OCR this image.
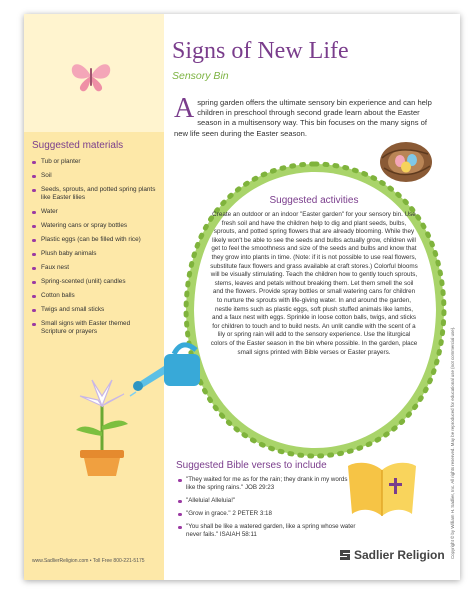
Signs of New Life
Sensory Bin
A spring garden offers the ultimate sensory bin experience and can help children in preschool through second grade learn about the Easter season in a multisensory way. This bin focuses on the many signs of new life seen during the Easter season.
Suggested materials
Tub or planter
Soil
Seeds, sprouts, and potted spring plants like Easter lilies
Water
Watering cans or spray bottles
Plastic eggs (can be filled with rice)
Plush baby animals
Faux nest
Spring-scented (unlit) candles
Cotton balls
Twigs and small sticks
Small signs with Easter themed Scripture or prayers
Suggested activities
Create an outdoor or an indoor "Easter garden" for your sensory bin. Use fresh soil and have the children help to dig and plant seeds, bulbs, sprouts, and potted spring flowers that are already blooming. While they likely won't be able to see the seeds and bulbs actually grow, children will get to feel the smoothness and size of the seeds and bulbs and know that they grow into plants in time. (Note: if it is not possible to use real flowers, substitute faux flowers and grass available at craft stores.) Colorful blooms will be visually stimulating. Teach the children how to gently touch sprouts, stems, leaves and petals without breaking them. Let them smell the soil and the flowers. Provide spray bottles or small watering cans for children to nurture the sprouts with life-giving water. In and around the garden, nestle items such as plastic eggs, soft plush stuffed animals like lambs, and a faux nest with eggs. Sprinkle in loose cotton balls, twigs, and sticks for children to touch and to build nests. An unlit candle with the scent of a lily or spring rain will add to the sensory experience. Use the liturgical colors of the Easter season in the bin where possible. In the garden, place small signs printed with Bible verses or Easter prayers.
Suggested Bible verses to include
"They waited for me as for the rain; they drank in my words like the spring rains." JOB 29:23
"Alleluia! Alleluia!"
"Grow in grace." 2 PETER 3:18
"You shall be like a watered garden, like a spring whose water never fails." ISAIAH 58:11
www.SadlierReligion.com • Toll Free 800-221-5175	Sadlier Religion Copyright © by William H. Sadlier, Inc. All rights reserved. May be reproduced for educational use (not commercial use).
